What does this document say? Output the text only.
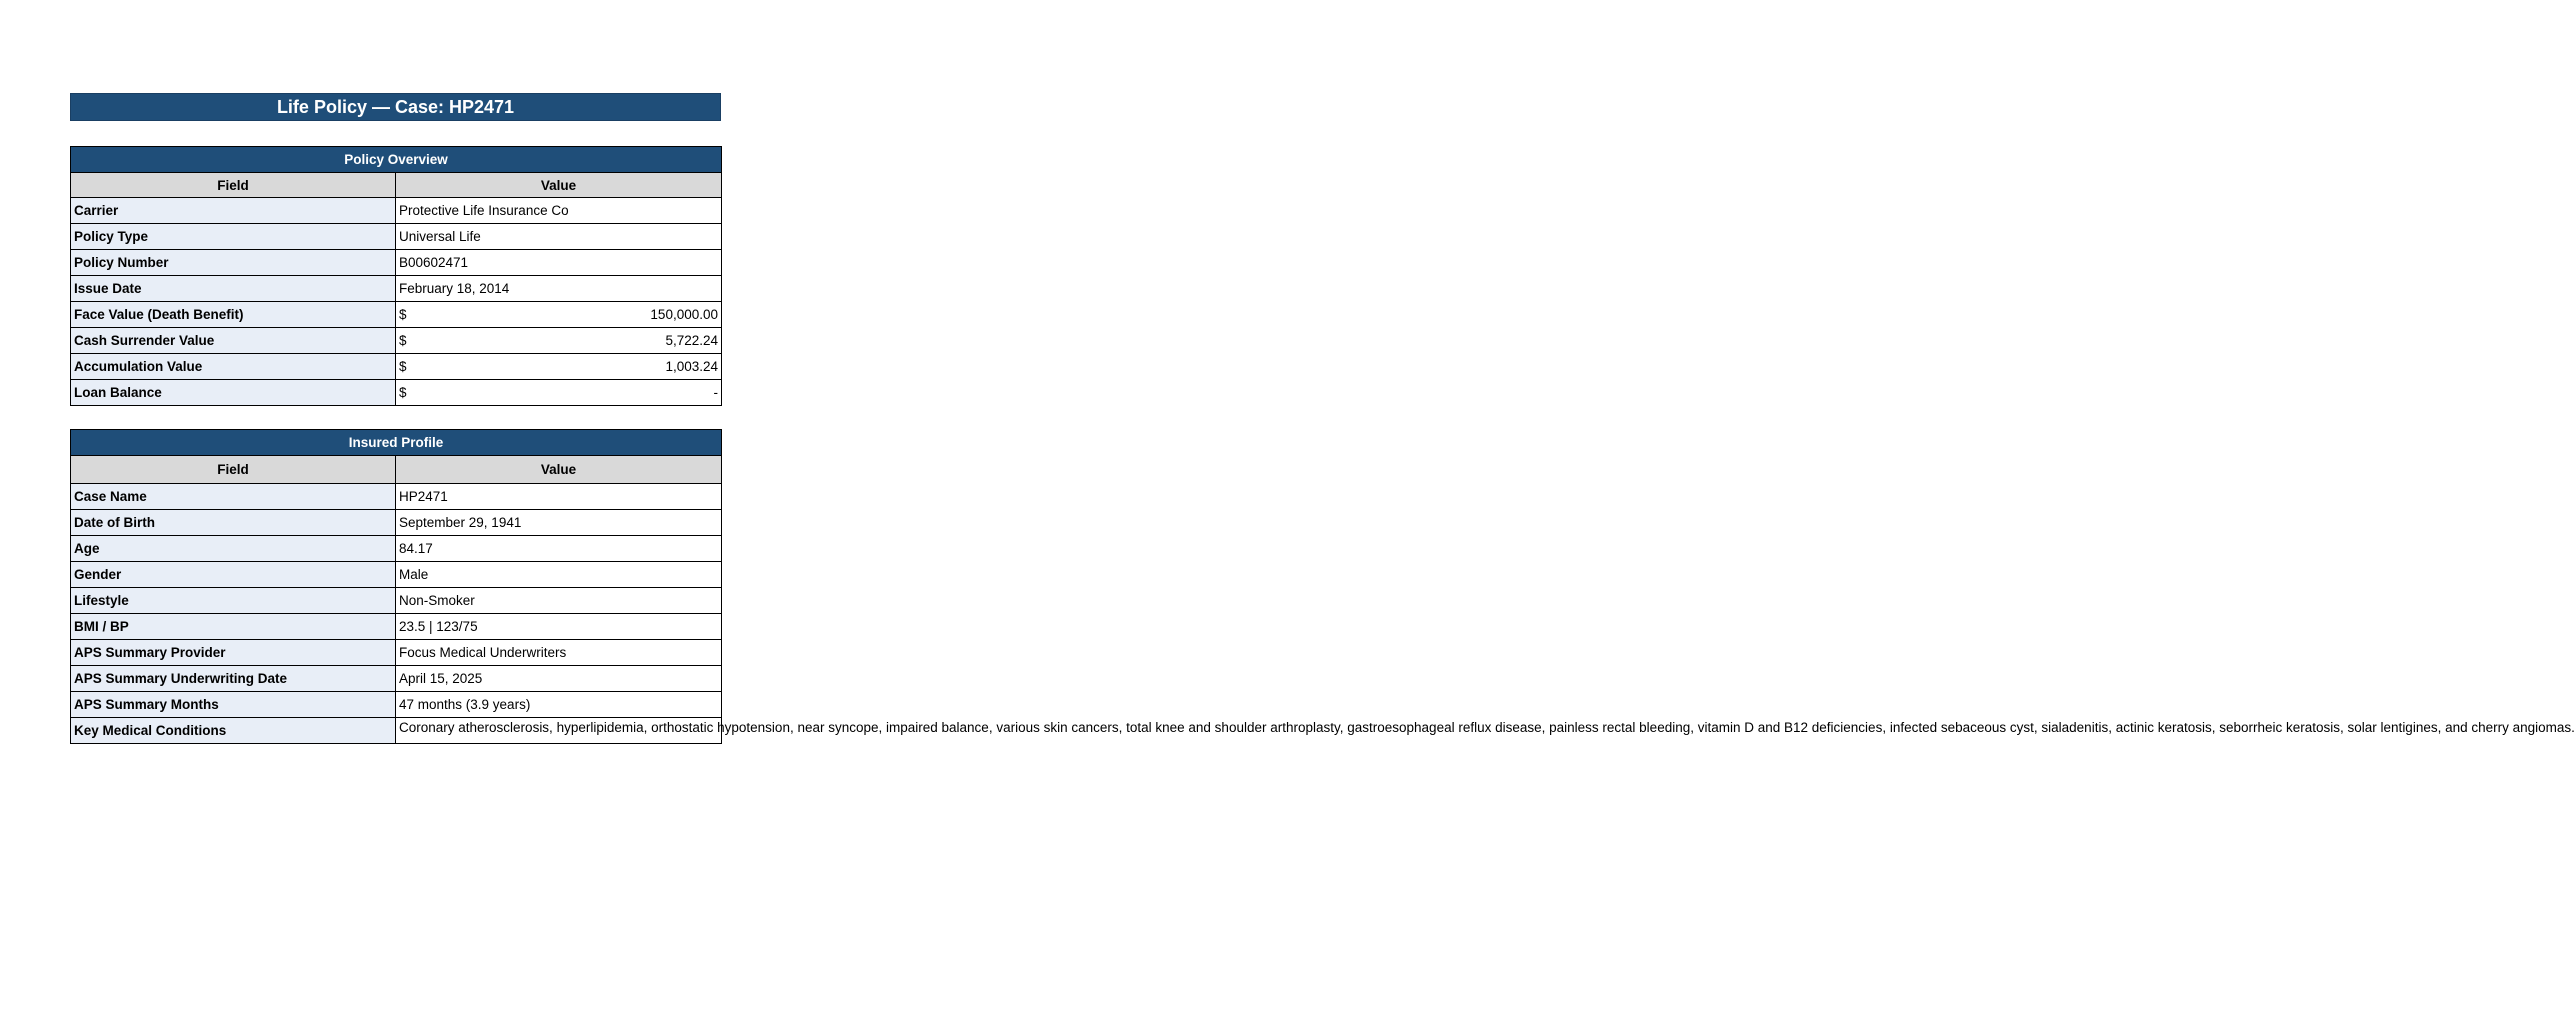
Life Policy — Case: HP2471
Policy Overview	
Field	Value
Carrier	Protective Life Insurance Co
Policy Type	Universal Life
Policy Number	B00602471
Issue Date	February 18, 2014
Face Value (Death Benefit)	$ 150,000.00

Cash Surrender Value	$ 5,722.24

Accumulation Value	$ 1,003.24

Loan Balance	$ -
Insured Profile	
Field	Value
Case Name	HP2471
Date of Birth	September 29, 1941
Age	84.17
Gender	Male
Lifestyle	Non-Smoker
BMI / BP	23.5 | 123/75
APS Summary Provider	Focus Medical Underwriters
APS Summary Underwriting Date	April 15, 2025
APS Summary Months	47 months (3.9 years)
Key Medical Conditions	Coronary atherosclerosis, hyperlipidemia, orthostatic hypotension, near syncope, impaired balance, various skin cancers, total knee and shoulder arthroplasty, gastroesophageal reflux disease, painless rectal bleeding, vitamin D and B12 deficiencies, infected sebaceous cyst, sialadenitis, actinic keratosis, seborrheic keratosis, solar lentigines, and cherry angiomas.
